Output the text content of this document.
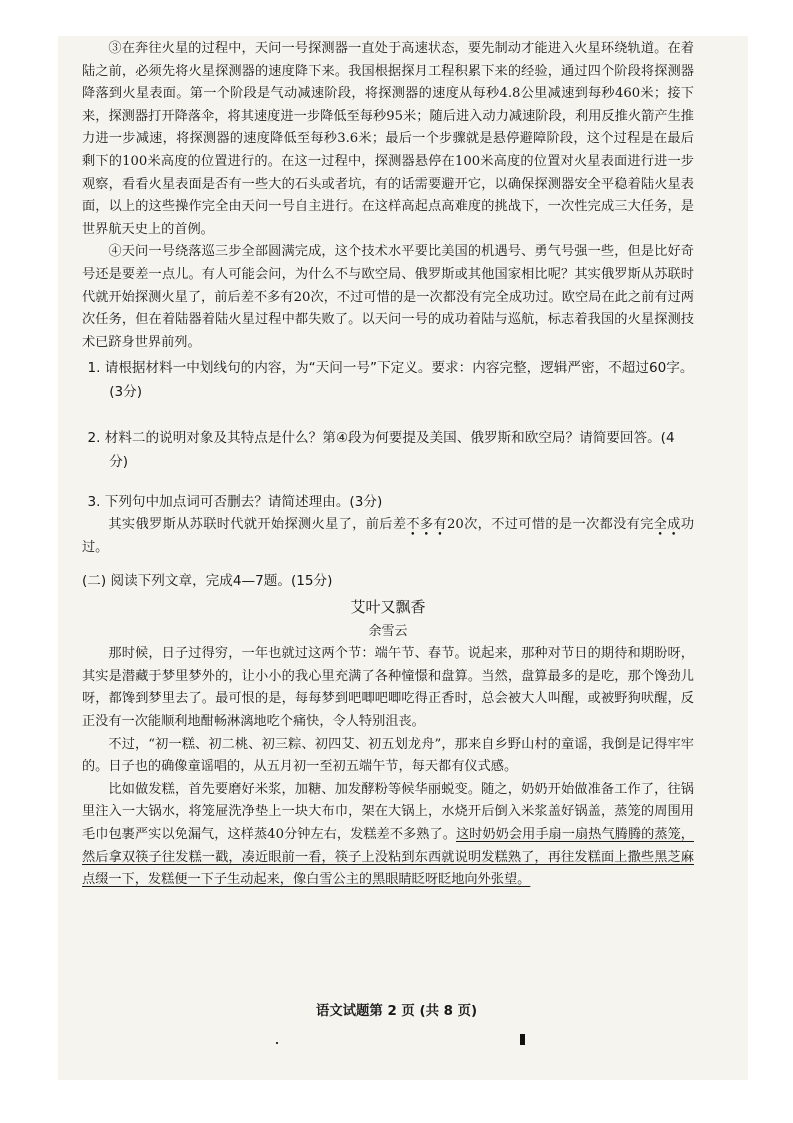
③在奔往火星的过程中，天问一号探测器一直处于高速状态，要先制动才能进入火星环绕轨道。在着陆之前，必须先将火星探测器的速度降下来。我国根据探月工程积累下来的经验，通过四个阶段将探测器降落到火星表面。第一个阶段是气动减速阶段，将探测器的速度从每秒4.8公里减速到每秒460米；接下来，探测器打开降落伞，将其速度进一步降低至每秒95米；随后进入动力减速阶段，利用反推火箭产生推力进一步减速，将探测器的速度降低至每秒3.6米；最后一个步骤就是悬停避障阶段，这个过程是在最后剩下的100米高度的位置进行的。在这一过程中，探测器悬停在100米高度的位置对火星表面进行进一步观察，看看火星表面是否有一些大的石头或者坑，有的话需要避开它，以确保探测器安全平稳着陆火星表面，以上的这些操作完全由天问一号自主进行。在这样高起点高难度的挑战下，一次性完成三大任务，是世界航天史上的首例。

④天问一号绕落巡三步全部圆满完成，这个技术水平要比美国的机遇号、勇气号强一些，但是比好奇号还是要差一点儿。有人可能会问，为什么不与欧空局、俄罗斯或其他国家相比呢？其实俄罗斯从苏联时代就开始探测火星了，前后差不多有20次，不过可惜的是一次都没有完全成功过。欧空局在此之前有过两次任务，但在着陆器着陆火星过程中都失败了。以天问一号的成功着陆与巡航，标志着我国的火星探测技术已跻身世界前列。

1. 请根据材料一中划线句的内容，为“天问一号”下定义。要求：内容完整，逻辑严密，不超过60字。(3分)

2. 材料二的说明对象及其特点是什么？第④段为何要提及美国、俄罗斯和欧空局？请简要回答。(4 分)

3. 下列句中加点词可否删去？请简述理由。(3分)

其实俄罗斯从苏联时代就开始探测火星了，前后差不多有20次，不过可惜的是一次都没有完全成功过。

(二) 阅读下列文章，完成4—7题。(15分)
艾叶又飘香
余雪云

那时候，日子过得穷，一年也就过这两个节：端午节、春节。说起来，那种对节日的期待和期盼呀，其实是潜藏于梦里梦外的，让小小的我心里充满了各种憧憬和盘算。当然，盘算最多的是吃，那个馋劲儿呀，都馋到梦里去了。最可恨的是，每每梦到吧唧吧唧吃得正香时，总会被大人叫醒，或被野狗吠醒，反正没有一次能顺利地酣畅淋漓地吃个痛快，令人特别沮丧。

不过，“初一糕、初二桃、初三粽、初四艾、初五划龙舟”，那来自乡野山村的童谣，我倒是记得牢牢的。日子也的确像童谣唱的，从五月初一至初五端午节，每天都有仪式感。

比如做发糕，首先要磨好米浆，加糖、加发酵粉等候华丽蜕变。随之，奶奶开始做准备工作了，往锅里注入一大锅水，将笼屉洗净垫上一块大布巾，架在大锅上，水烧开后倒入米浆盖好锅盖，蒸笼的周围用毛巾包裹严实以免漏气，这样蒸40分钟左右，发糕差不多熟了。这时奶奶会用手扇一扇热气腾腾的蒸笼，然后拿双筷子往发糕一戳，凑近眼前一看，筷子上没粘到东西就说明发糕熟了，再往发糕面上撒些黑芝麻点缀一下，发糕便一下子生动起来，像白雪公主的黑眼睛眨呀眨地向外张望。

语文试题第 2 页 (共 8 页)
